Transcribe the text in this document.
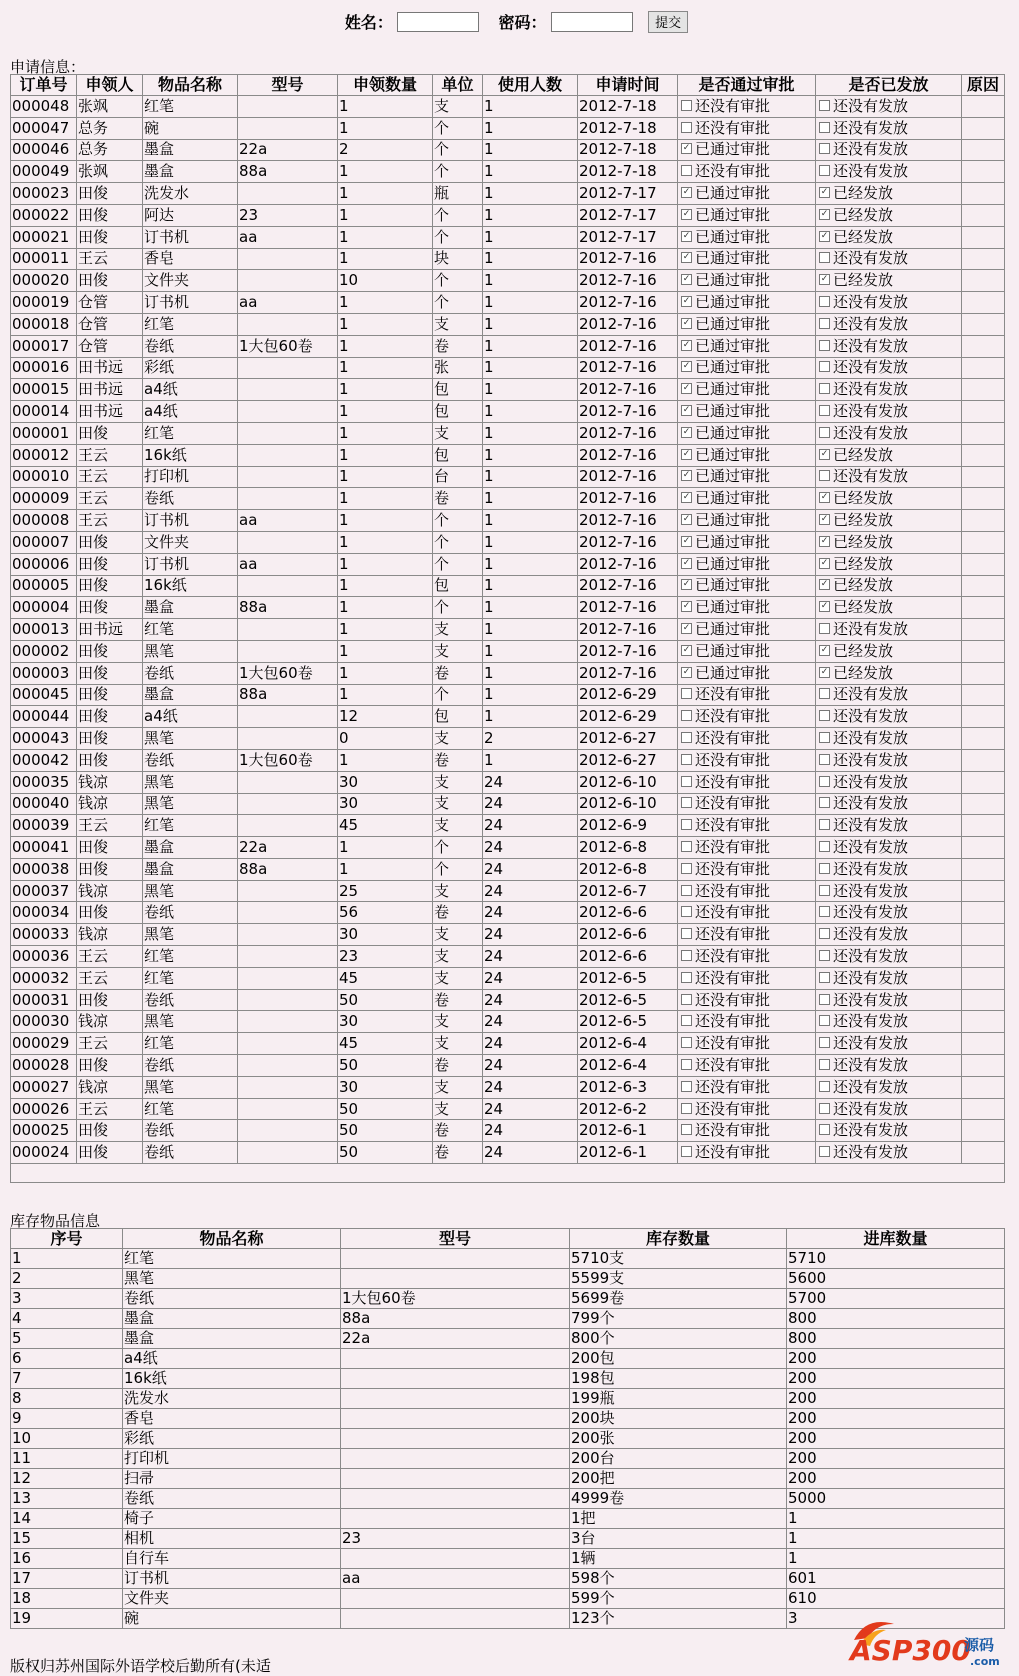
姓名：	密码：	提交
申请信息：
订单号	申领人	物品名称	型号	申领数量	单位	使用人数	申请时间	是否通过审批	是否已发放	原因
000048	张飒	红笔		1	支	1	2012-7-18	还没有审批	还没有发放	
000047	总务	碗		1	个	1	2012-7-18	还没有审批	还没有发放	
000046	总务	墨盒	22a	2	个	1	2012-7-18	✓ 已通过审批	还没有发放	
000049	张飒	墨盒	88a	1	个	1	2012-7-18	还没有审批	还没有发放	
000023	田俊	洗发水		1	瓶	1	2012-7-17	✓ 已通过审批	✓ 已经发放	
000022	田俊	阿达	23	1	个	1	2012-7-17	✓ 已通过审批	✓ 已经发放	
000021	田俊	订书机	aa	1	个	1	2012-7-17	✓ 已通过审批	✓ 已经发放	
000011	王云	香皂		1	块	1	2012-7-16	✓ 已通过审批	还没有发放	
000020	田俊	文件夹		10	个	1	2012-7-16	✓ 已通过审批	✓ 已经发放	
000019	仓管	订书机	aa	1	个	1	2012-7-16	✓ 已通过审批	还没有发放	
000018	仓管	红笔		1	支	1	2012-7-16	✓ 已通过审批	还没有发放	
000017	仓管	卷纸	1大包60卷	1	卷	1	2012-7-16	✓ 已通过审批	还没有发放	
000016	田书远	彩纸		1	张	1	2012-7-16	✓ 已通过审批	还没有发放	
000015	田书远	a4纸		1	包	1	2012-7-16	✓ 已通过审批	还没有发放	
000014	田书远	a4纸		1	包	1	2012-7-16	✓ 已通过审批	还没有发放	
000001	田俊	红笔		1	支	1	2012-7-16	✓ 已通过审批	还没有发放	
000012	王云	16k纸		1	包	1	2012-7-16	✓ 已通过审批	✓ 已经发放	
000010	王云	打印机		1	台	1	2012-7-16	✓ 已通过审批	还没有发放	
000009	王云	卷纸		1	卷	1	2012-7-16	✓ 已通过审批	✓ 已经发放	
000008	王云	订书机	aa	1	个	1	2012-7-16	✓ 已通过审批	✓ 已经发放	
000007	田俊	文件夹		1	个	1	2012-7-16	✓ 已通过审批	✓ 已经发放	
000006	田俊	订书机	aa	1	个	1	2012-7-16	✓ 已通过审批	✓ 已经发放	
000005	田俊	16k纸		1	包	1	2012-7-16	✓ 已通过审批	✓ 已经发放	
000004	田俊	墨盒	88a	1	个	1	2012-7-16	✓ 已通过审批	✓ 已经发放	
000013	田书远	红笔		1	支	1	2012-7-16	✓ 已通过审批	还没有发放	
000002	田俊	黑笔		1	支	1	2012-7-16	✓ 已通过审批	✓ 已经发放	
000003	田俊	卷纸	1大包60卷	1	卷	1	2012-7-16	✓ 已通过审批	✓ 已经发放	
000045	田俊	墨盒	88a	1	个	1	2012-6-29	还没有审批	还没有发放	
000044	田俊	a4纸		12	包	1	2012-6-29	还没有审批	还没有发放	
000043	田俊	黑笔		0	支	2	2012-6-27	还没有审批	还没有发放	
000042	田俊	卷纸	1大包60卷	1	卷	1	2012-6-27	还没有审批	还没有发放	
000035	钱凉	黑笔		30	支	24	2012-6-10	还没有审批	还没有发放	
000040	钱凉	黑笔		30	支	24	2012-6-10	还没有审批	还没有发放	
000039	王云	红笔		45	支	24	2012-6-9	还没有审批	还没有发放	
000041	田俊	墨盒	22a	1	个	24	2012-6-8	还没有审批	还没有发放	
000038	田俊	墨盒	88a	1	个	24	2012-6-8	还没有审批	还没有发放	
000037	钱凉	黑笔		25	支	24	2012-6-7	还没有审批	还没有发放	
000034	田俊	卷纸		56	卷	24	2012-6-6	还没有审批	还没有发放	
000033	钱凉	黑笔		30	支	24	2012-6-6	还没有审批	还没有发放	
000036	王云	红笔		23	支	24	2012-6-6	还没有审批	还没有发放	
000032	王云	红笔		45	支	24	2012-6-5	还没有审批	还没有发放	
000031	田俊	卷纸		50	卷	24	2012-6-5	还没有审批	还没有发放	
000030	钱凉	黑笔		30	支	24	2012-6-5	还没有审批	还没有发放	
000029	王云	红笔		45	支	24	2012-6-4	还没有审批	还没有发放	
000028	田俊	卷纸		50	卷	24	2012-6-4	还没有审批	还没有发放	
000027	钱凉	黑笔		30	支	24	2012-6-3	还没有审批	还没有发放	
000026	王云	红笔		50	支	24	2012-6-2	还没有审批	还没有发放	
000025	田俊	卷纸		50	卷	24	2012-6-1	还没有审批	还没有发放	
000024	田俊	卷纸		50	卷	24	2012-6-1	还没有审批	还没有发放	

库存物品信息
序号	物品名称	型号	库存数量	进库数量
1	红笔		5710支	5710
2	黑笔		5599支	5600
3	卷纸	1大包60卷	5699卷	5700
4	墨盒	88a	799个	800
5	墨盒	22a	800个	800
6	a4纸		200包	200
7	16k纸		198包	200
8	洗发水		199瓶	200
9	香皂		200块	200
10	彩纸		200张	200
11	打印机		200台	200
12	扫帚		200把	200
13	卷纸		4999卷	5000
14	椅子		1把	1
15	相机	23	3台	1
16	自行车		1辆	1
17	订书机	aa	598个	601
18	文件夹		599个	610
19	碗		123个	3
版权归苏州国际外语学校后勤所有(未适	ASP300
源码
.com
